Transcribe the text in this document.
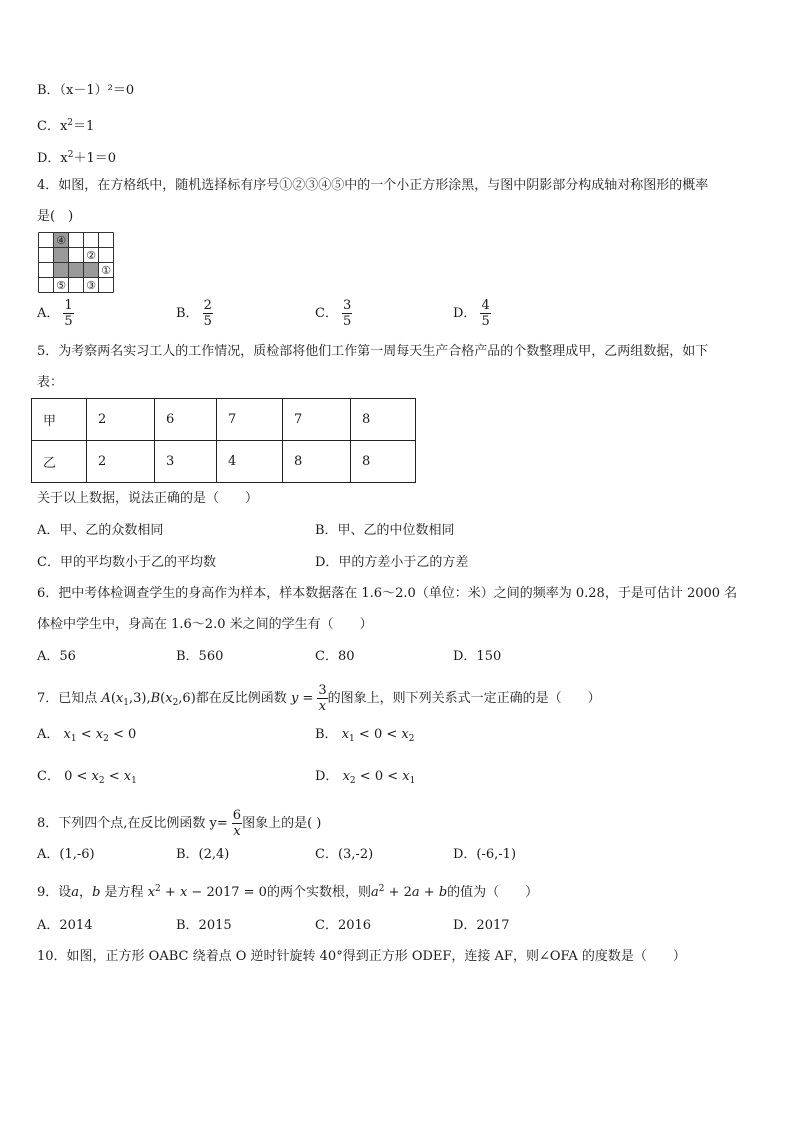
B．（x－1）²＝0
C．$x^2=1$
D．$x^2+1=0$
4．如图，在方格纸中，随机选择标有序号①②③④⑤中的一个小正方形涂黑，与图中阴影部分构成轴对称图形的概率
是(　)
④
②
①
⑤ ③
A． $\frac{1}{5}$	B． $\frac{2}{5}$	C． $\frac{3}{5}$	D． $\frac{4}{5}$
5．为考察两名实习工人的工作情况，质检部将他们工作第一周每天生产合格产品的个数整理成甲，乙两组数据，如下
表：
甲	2	6	7	7	8
乙	2	3	4	8	8
关于以上数据，说法正确的是（　　）
A．甲、乙的众数相同	B．甲、乙的中位数相同
C．甲的平均数小于乙的平均数	D．甲的方差小于乙的方差
6．把中考体检调查学生的身高作为样本，样本数据落在 1.6～2.0（单位：米）之间的频率为 0.28，于是可估计 2000 名
体检中学生中，身高在 1.6～2.0 米之间的学生有（　　）
A．56	B．560	C．80	D．150
7．已知点 $A(x_1,3),B(x_2,6)$都在反比例函数 $y = \frac{3}{x}$ 的图象上，则下列关系式一定正确的是（　　）
A． $x_1 < x_2 < 0$	B． $x_1 < 0 < x_2$
C． $0 < x_2 < x_1$	D． $x_2 < 0 < x_1$
8．下列四个点,在反比例函数 $y= \frac{6}{x}$ 图象上的是( )
A．(1,-6)	B．(2,4)	C．(3,-2)	D．(-6,-1)
9．设a，b 是方程 $x^2 + x - 2017 = 0$的两个实数根，则$a^2 + 2a + b$的值为（　　）
A．2014	B．2015	C．2016	D．2017
10．如图，正方形 OABC 绕着点 O 逆时针旋转 40°得到正方形 ODEF，连接 AF，则∠OFA 的度数是（　　）
